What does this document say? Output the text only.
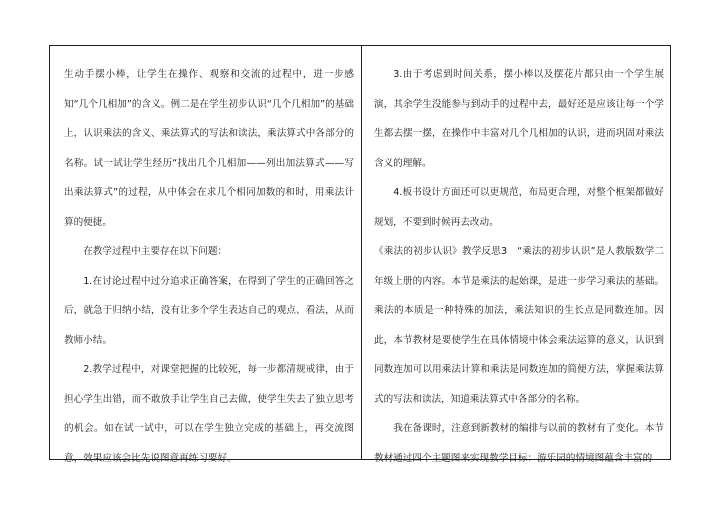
生动手摆小棒，让学生在操作、观察和交流的过程中，进一步感知“几个几相加”的含义。例二是在学生初步认识“几个几相加”的基础上，认识乘法的含义、乘法算式的写法和读法，乘法算式中各部分的名称。试一试让学生经历“找出几个几相加——列出加法算式——写出乘法算式”的过程，从中体会在求几个相同加数的和时，用乘法计算的便捷。

在教学过程中主要存在以下问题：

1.在讨论过程中过分追求正确答案，在得到了学生的正确回答之后，就急于归纳小结，没有让多个学生表达自己的观点、看法，从而教师小结。

2.教学过程中，对课堂把握的比较死，每一步都清规戒律，由于担心学生出错，而不敢放手让学生自己去做，使学生失去了独立思考的机会。如在试一试中，可以在学生独立完成的基础上，再交流图意，效果应该会比先说图意再练习要好。

3.由于考虑到时间关系，摆小棒以及摆花片都只由一个学生展演，其余学生没能参与到动手的过程中去，最好还是应该让每一个学生都去摆一摆，在操作中丰富对几个几相加的认识，进而巩固对乘法含义的理解。

4.板书设计方面还可以更规范，布局更合理，对整个框架都做好规划，不要到时候再去改动。

《乘法的初步认识》教学反思3　“乘法的初步认识”是人教版数学二年级上册的内容。本节是乘法的起始课，是进一步学习乘法的基础。乘法的本质是一种特殊的加法，乘法知识的生长点是同数连加。因此，本节教材是要使学生在具体情境中体会乘法运算的意义，认识到同数连加可以用乘法计算和乘法是同数连加的简便方法，掌握乘法算式的写法和读法，知道乘法算式中各部分的名称。

我在备课时，注意到新教材的编排与以前的教材有了变化。本节教材通过四个主题图来实现教学目标：游乐园的情境图蕴含丰富的
